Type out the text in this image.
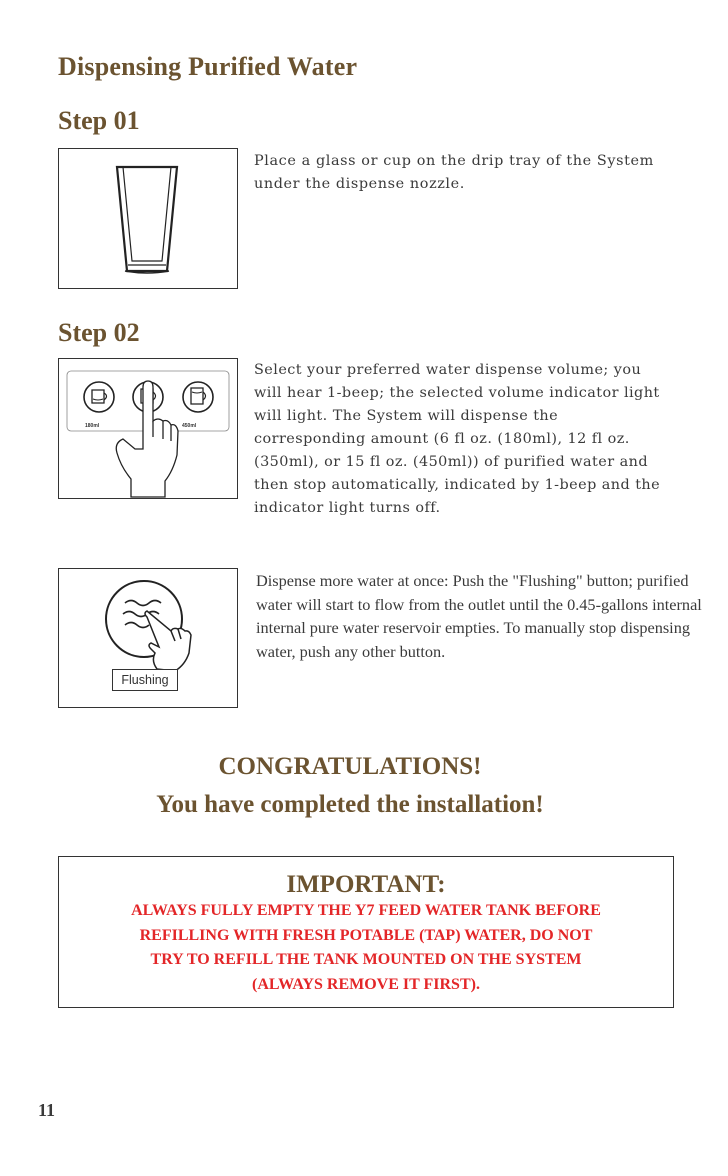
Dispensing Purified Water
Step 01
Place a glass or cup on the drip tray of the System under the dispense nozzle.
Step 02
180ml	450ml
Select your preferred water dispense volume; you will hear 1-beep; the selected volume indicator light will light. The System will dispense the corresponding amount (6 fl oz. (180ml), 12 fl oz. (350ml), or 15 fl oz. (450ml)) of purified water and then stop automatically, indicated by 1-beep and the indicator light turns off.
Flushing
Dispense more water at once: Push the "Flushing" button; purified water will start to flow from the outlet until the 0.45-gallons internal internal pure water reservoir empties. To manually stop dispensing water, push any other button.
CONGRATULATIONS!
You have completed the installation!
IMPORTANT:
ALWAYS FULLY EMPTY THE Y7 FEED WATER TANK BEFORE
REFILLING WITH FRESH POTABLE (TAP) WATER, DO NOT
TRY TO REFILL THE TANK MOUNTED ON THE SYSTEM
(ALWAYS REMOVE IT FIRST).
11
